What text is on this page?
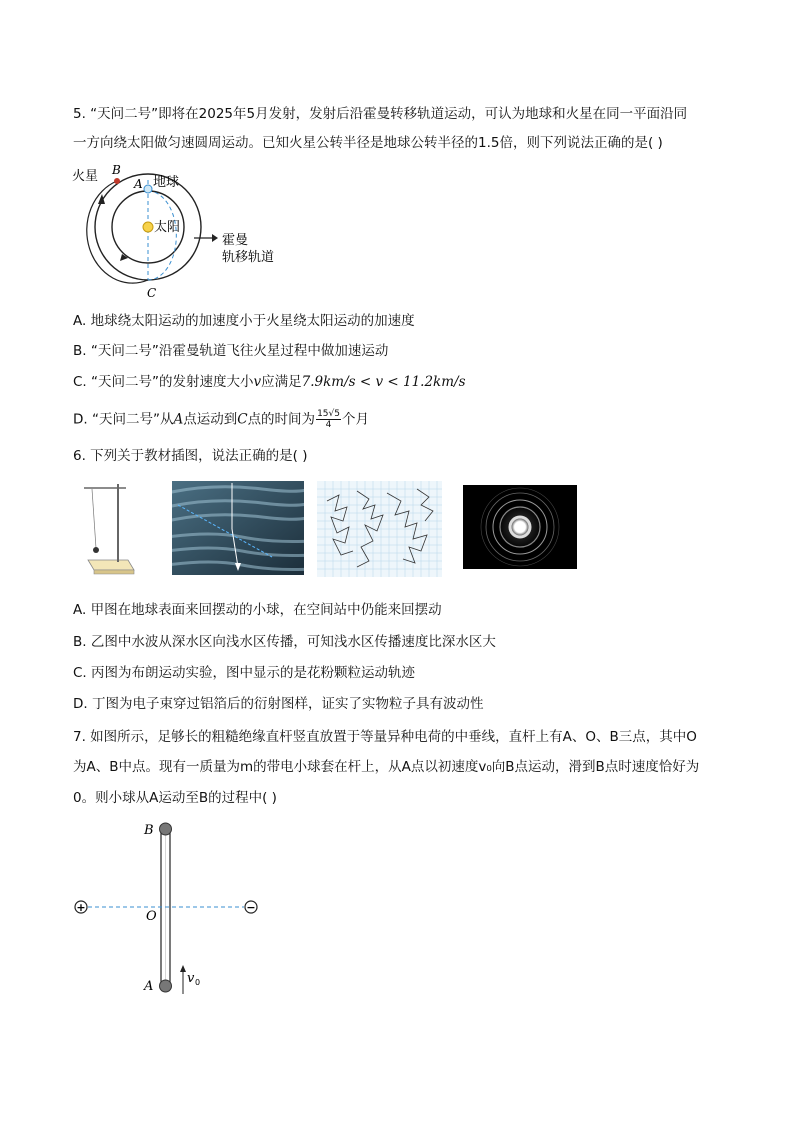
5. “天问二号”即将在2025年5月发射，发射后沿霍曼转移轨道运动，可认为地球和火星在同一平面沿同
一方向绕太阳做匀速圆周运动。已知火星公转半径是地球公转半径的1.5倍，则下列说法正确的是( )
火星 B
A 地球
太阳
霍曼
轨移轨道
C
A. 地球绕太阳运动的加速度小于火星绕太阳运动的加速度
B. “天问二号”沿霍曼轨道飞往火星过程中做加速运动
C. “天问二号”的发射速度大小v应满足7.9km/s < v < 11.2km/s
D. “天问二号”从A点运动到C点的时间为 $\frac{15√5}{4}$ 个月
6. 下列关于教材插图，说法正确的是( )
A. 甲图在地球表面来回摆动的小球，在空间站中仍能来回摆动
B. 乙图中水波从深水区向浅水区传播，可知浅水区传播速度比深水区大
C. 丙图为布朗运动实验，图中显示的是花粉颗粒运动轨迹
D. 丁图为电子束穿过铝箔后的衍射图样，证实了实物粒子具有波动性
7. 如图所示，足够长的粗糙绝缘直杆竖直放置于等量异种电荷的中垂线，直杆上有A、O、B三点，其中O
为A、B中点。现有一质量为m的带电小球套在杆上，从A点以初速度v₀向B点运动，滑到B点时速度恰好为
0。则小球从A运动至B的过程中( )
+	−
B
O
A
v 0
